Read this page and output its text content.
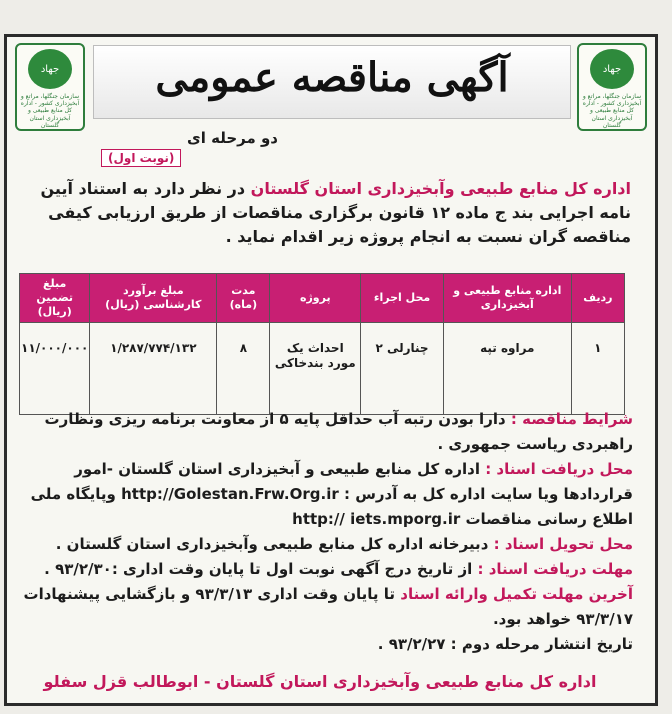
جهاد
سازمان جنگلها، مراتع و آبخیزداری کشور - اداره کل منابع طبیعی و آبخیزداری استان گلستان
آگهی مناقصه عمومی	جهاد
سازمان جنگلها، مراتع و آبخیزداری کشور - اداره کل منابع طبیعی و آبخیزداری استان گلستان
دو مرحله ای
(نوبت اول)
اداره کل منابع طبیعی وآبخیزداری استان گلستان در نظر دارد به استناد آیین نامه اجرایی بند ج ماده ۱۲ قانون برگزاری مناقصات از طریق ارزیابی کیفی مناقصه گران نسبت به انجام پروژه زیر اقدام نماید .
ردیف	اداره منابع طبیعی و آبخیزداری	محل اجراء	پروژه	مدت (ماه)	مبلغ برآورد کارشناسی (ریال)	مبلغ تضمین (ریال)
۱	مراوه تپه	چنارلی ۲	احداث یک مورد بندخاکی	۸	۱/۲۸۷/۷۷۴/۱۳۲	۱۱/۰۰۰/۰۰۰
شرایط مناقصه : دارا بودن رتبه آب حداقل پایه ۵ از معاونت برنامه ریزی ونظارت راهبردی ریاست جمهوری .
محل دریافت اسناد : اداره کل منابع طبیعی و آبخیزداری استان گلستان -امور قراردادها ویا سایت اداره کل به آدرس : http://Golestan.Frw.Org.ir وپایگاه ملی اطلاع رسانی مناقصات http:// iets.mporg.ir
محل تحویل اسناد : دبیرخانه اداره کل منابع طبیعی وآبخیزداری استان گلستان .
مهلت دریافت اسناد : از تاریخ درج آگهی نوبت اول تا پایان وقت اداری :۹۳/۲/۳۰ .
آخرین مهلت تکمیل وارائه اسناد تا پایان وقت اداری ۹۳/۳/۱۳ و بازگشایی پیشنهادات ۹۳/۳/۱۷ خواهد بود.
تاریخ انتشار مرحله دوم : ۹۳/۲/۲۷ .
اداره کل منابع طبیعی وآبخیزداری استان گلستان - ابوطالب قزل سفلو
